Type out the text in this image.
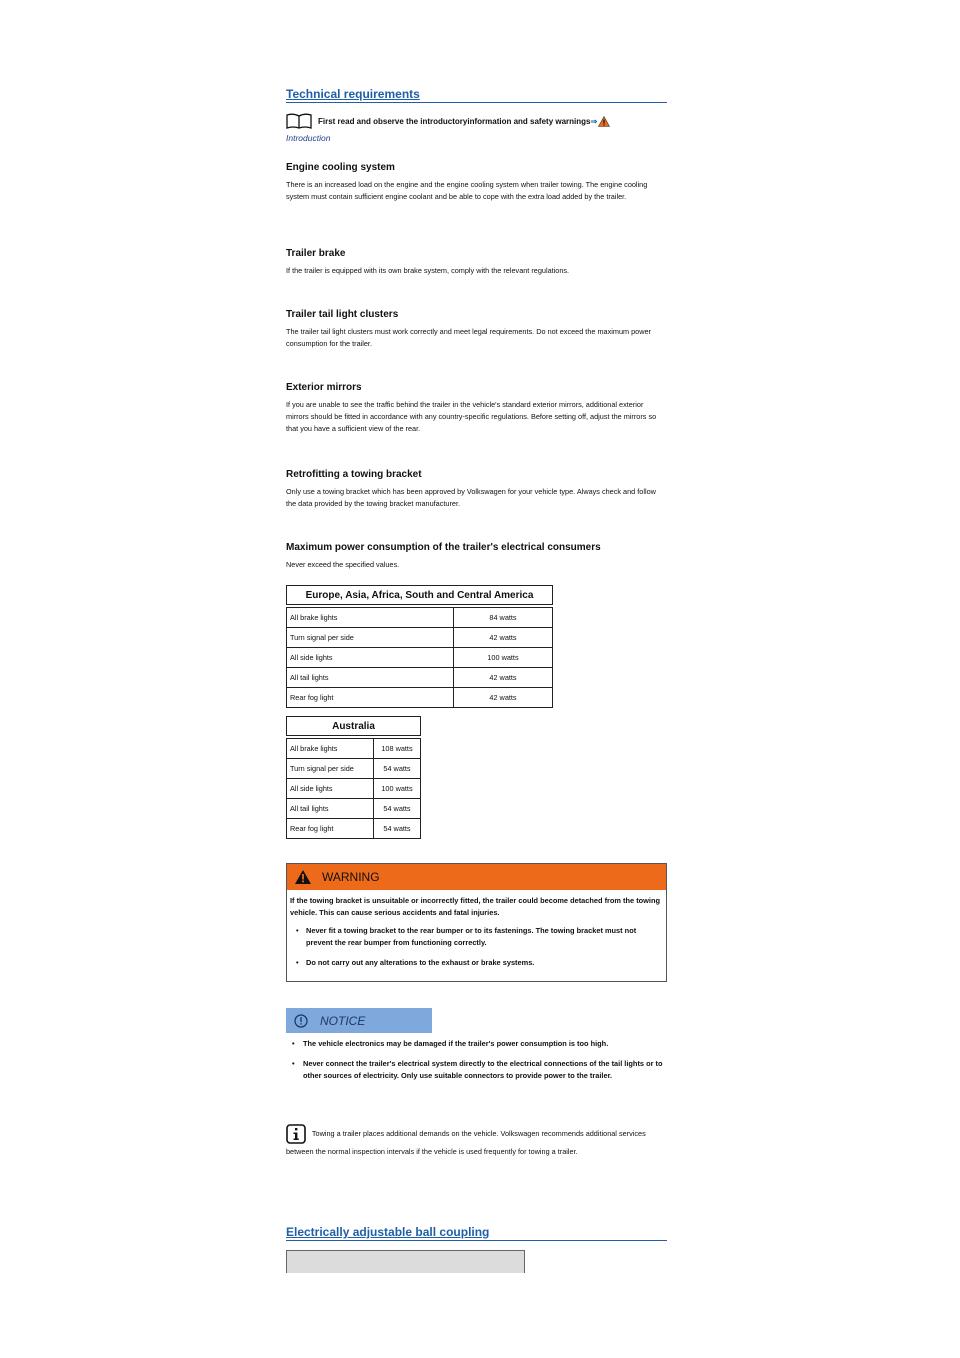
Technical requirements
First read and observe the introductoryinformation and safety warnings ⇒
Introduction
Engine cooling system

There is an increased load on the engine and the engine cooling system when trailer towing. The engine cooling system must contain sufficient engine coolant and be able to cope with the extra load added by the trailer.

Trailer brake

If the trailer is equipped with its own brake system, comply with the relevant regulations.

Trailer tail light clusters

The trailer tail light clusters must work correctly and meet legal requirements. Do not exceed the maximum power consumption for the trailer.

Exterior mirrors

If you are unable to see the traffic behind the trailer in the vehicle's standard exterior mirrors, additional exterior mirrors should be fitted in accordance with any country-specific regulations. Before setting off, adjust the mirrors so that you have a sufficient view of the rear.

Retrofitting a towing bracket

Only use a towing bracket which has been approved by Volkswagen for your vehicle type. Always check and follow the data provided by the towing bracket manufacturer.

Maximum power consumption of the trailer's electrical consumers

Never exceed the specified values.

Europe, Asia, Africa, South and Central America	

All brake lights	84 watts
Turn signal per side	42 watts
All side lights	100 watts
All tail lights	42 watts
Rear fog light	42 watts
Australia	

All brake lights	108 watts
Turn signal per side	54 watts
All side lights	100 watts
All tail lights	54 watts
Rear fog light	54 watts
WARNING
If the towing bracket is unsuitable or incorrectly fitted, the trailer could become detached from the towing vehicle. This can cause serious accidents and fatal injuries.
• Never fit a towing bracket to the rear bumper or to its fastenings. The towing bracket must not prevent the rear bumper from functioning correctly.
• Do not carry out any alterations to the exhaust or brake systems.
NOTICE
• The vehicle electronics may be damaged if the trailer's power consumption is too high.
• Never connect the trailer's electrical system directly to the electrical connections of the tail lights or to other sources of electricity. Only use suitable connectors to provide power to the trailer.
Towing a trailer places additional demands on the vehicle. Volkswagen recommends additional services between the normal inspection intervals if the vehicle is used frequently for towing a trailer.
Electrically adjustable ball coupling
